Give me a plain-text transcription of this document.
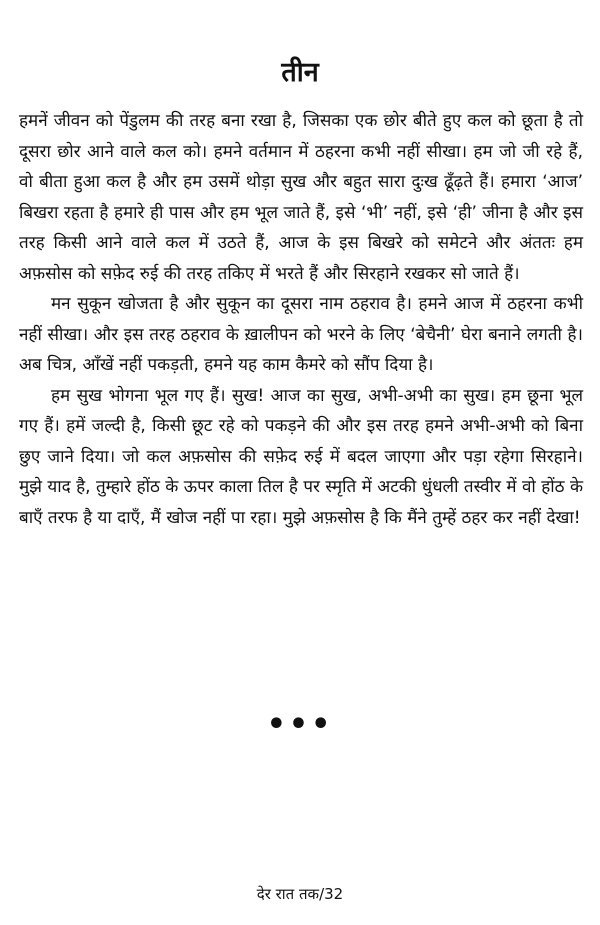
तीन

हमनें जीवन को पेंडुलम की तरह बना रखा है, जिसका एक छोर बीते हुए कल को छूता है तो दूसरा छोर आने वाले कल को। हमने वर्तमान में ठहरना कभी नहीं सीखा। हम जो जी रहे हैं, वो बीता हुआ कल है और हम उसमें थोड़ा सुख और बहुत सारा दुःख ढूँढ़ते हैं। हमारा ‘आज’ बिखरा रहता है हमारे ही पास और हम भूल जाते हैं, इसे ‘भी’ नहीं, इसे ‘ही’ जीना है और इस तरह किसी आने वाले कल में उठते हैं, आज के इस बिखरे को समेटने और अंततः हम अफ़सोस को सफ़ेद रुई की तरह तकिए में भरते हैं और सिरहाने रखकर सो जाते हैं।

मन सुकून खोजता है और सुकून का दूसरा नाम ठहराव है। हमने आज में ठहरना कभी नहीं सीखा। और इस तरह ठहराव के ख़ालीपन को भरने के लिए ‘बेचैनी’ घेरा बनाने लगती है। अब चित्र, आँखें नहीं पकड़ती, हमने यह काम कैमरे को सौंप दिया है।

हम सुख भोगना भूल गए हैं। सुख! आज का सुख, अभी-अभी का सुख। हम छूना भूल गए हैं। हमें जल्दी है, किसी छूट रहे को पकड़ने की और इस तरह हमने अभी-अभी को बिना छुए जाने दिया। जो कल अफ़सोस की सफ़ेद रुई में बदल जाएगा और पड़ा रहेगा सिरहाने। मुझे याद है, तुम्हारे होंठ के ऊपर काला तिल है पर स्मृति में अटकी धुंधली तस्वीर में वो होंठ के बाएँ तरफ है या दाएँ, मैं खोज नहीं पा रहा। मुझे अफ़सोस है कि मैंने तुम्हें ठहर कर नहीं देखा!

•••
देर रात तक/32
